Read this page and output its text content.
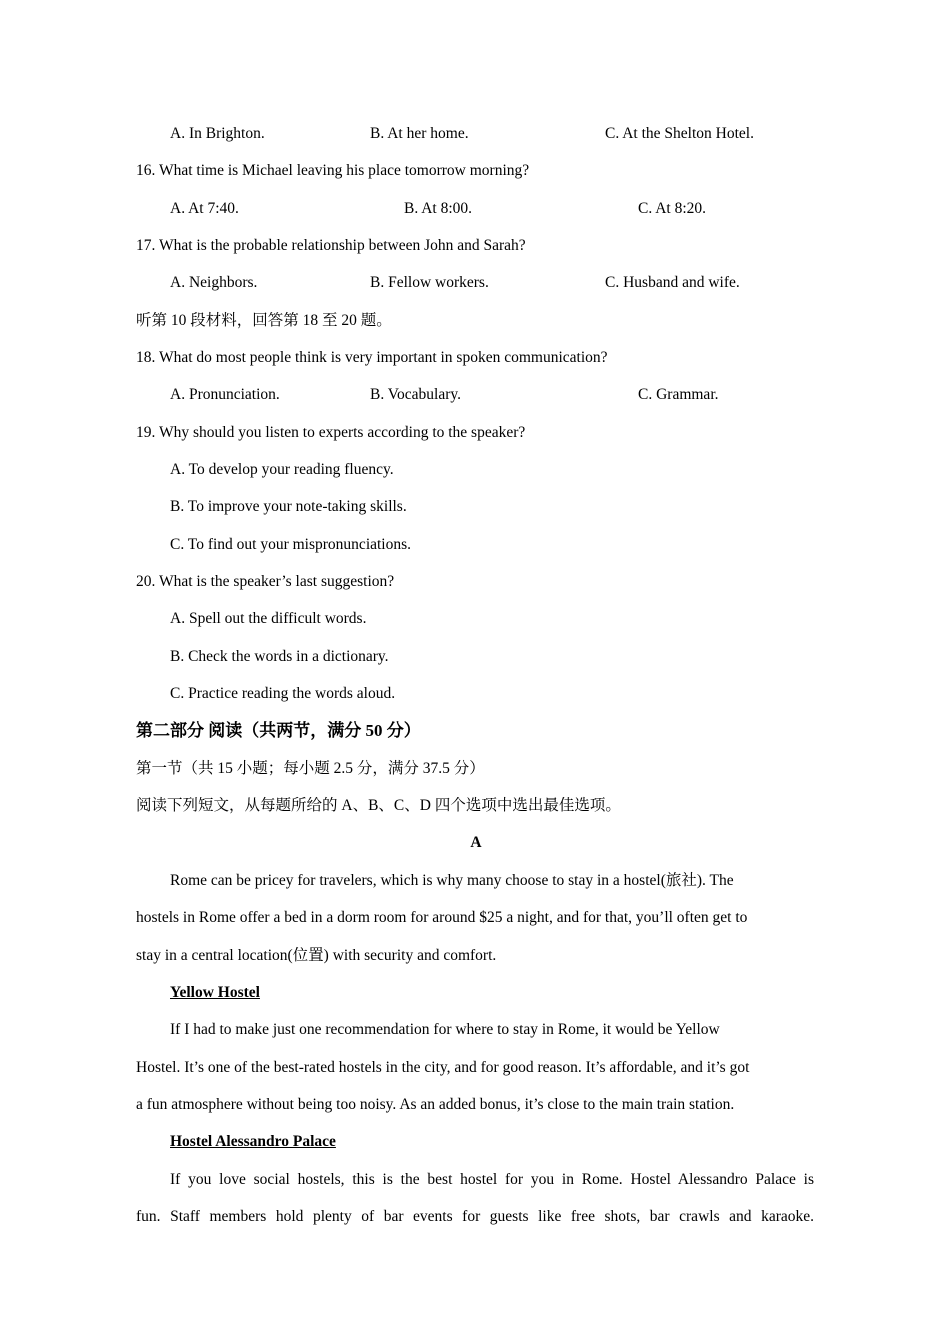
A. In Brighton.	B. At her home.	C. At the Shelton Hotel.
16. What time is Michael leaving his place tomorrow morning?
A. At 7:40.	B. At 8:00.	C. At 8:20.
17. What is the probable relationship between John and Sarah?
A. Neighbors.	B. Fellow workers.	C. Husband and wife.
听第 10 段材料，回答第 18 至 20 题。
18. What do most people think is very important in spoken communication?
A. Pronunciation.	B. Vocabulary.	C. Grammar.
19. Why should you listen to experts according to the speaker?
A. To develop your reading fluency.
B. To improve your note-taking skills.
C. To find out your mispronunciations.
20. What is the speaker’s last suggestion?
A. Spell out the difficult words.
B. Check the words in a dictionary.
C. Practice reading the words aloud.
第二部分 阅读（共两节，满分 50 分）
第一节（共 15 小题；每小题 2.5 分，满分 37.5 分）
阅读下列短文，从每题所给的 A、B、C、D 四个选项中选出最佳选项。
A
Rome can be pricey for travelers, which is why many choose to stay in a hostel(旅社). The
hostels in Rome offer a bed in a dorm room for around $25 a night, and for that, you’ll often get to
stay in a central location(位置) with security and comfort.
Yellow Hostel
If I had to make just one recommendation for where to stay in Rome, it would be Yellow
Hostel. It’s one of the best-rated hostels in the city, and for good reason. It’s affordable, and it’s got
a fun atmosphere without being too noisy. As an added bonus, it’s close to the main train station.
Hostel Alessandro Palace
If you love social hostels, this is the best hostel for you in Rome. Hostel Alessandro Palace is
fun. Staff members hold plenty of bar events for guests like free shots, bar crawls and karaoke.
